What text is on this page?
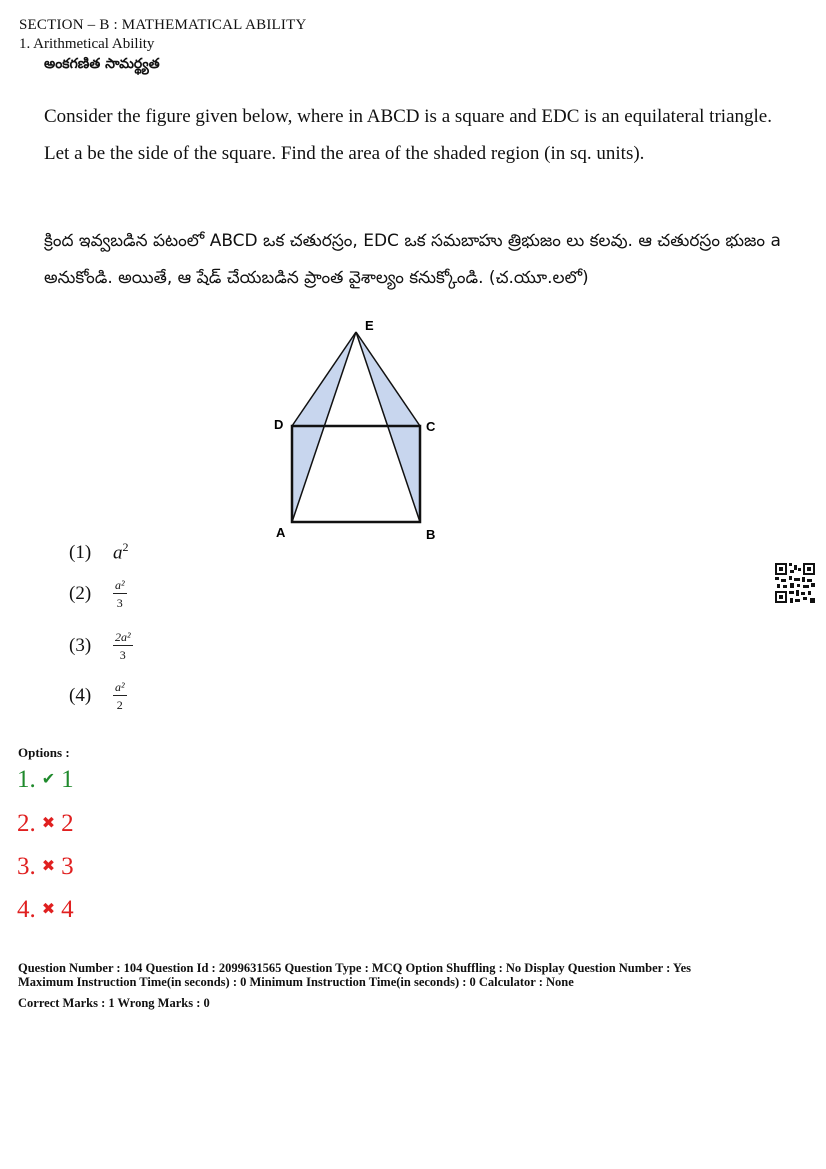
SECTION – B : MATHEMATICAL ABILITY
1. Arithmetical Ability
అంకగణిత సామర్థ్యత
Consider the figure given below, where in ABCD is a square and EDC is an equilateral triangle. Let a be the side of the square. Find the area of the shaded region (in sq. units).
క్రింద ఇవ్వబడిన పటంలో ABCD ఒక చతురస్రం, EDC ఒక సమబాహు త్రిభుజం లు కలవు. ఆ చతురస్రం భుజం a అనుకోండి. అయితే, ఆ షేడ్ చేయబడిన ప్రాంత వైశాల్యం కనుక్కోండి. (చ.యూ.లలో)
E
D	C
A	B
(1) $a^2$
$(2) \frac{\text{a²}}{3}$
$(3) \frac{\text{2a²}}{3}$
$(4) \frac{\text{a²}}{2}$
Options :
1. ✔ 1
2. ✖ 2
3. ✖ 3
4. ✖ 4
Question Number : 104 Question Id : 2099631565 Question Type : MCQ Option Shuffling : No Display Question Number : Yes
Maximum Instruction Time(in seconds) : 0 Minimum Instruction Time(in seconds) : 0 Calculator : None
Correct Marks : 1 Wrong Marks : 0
